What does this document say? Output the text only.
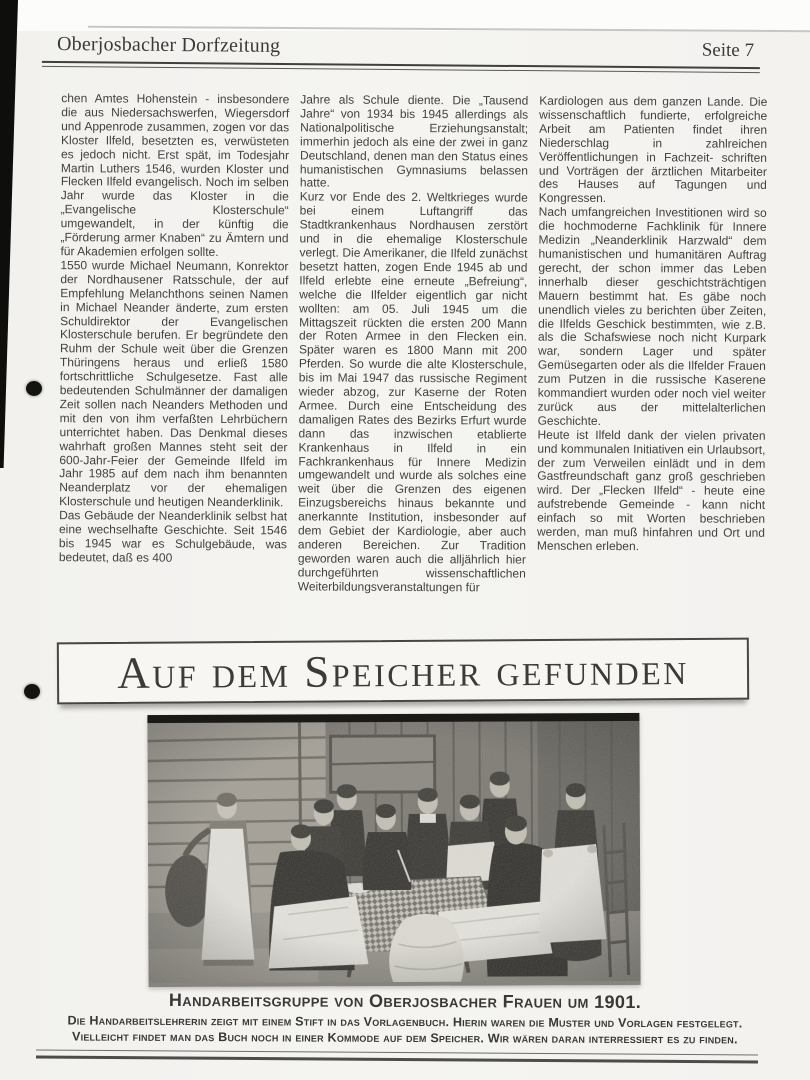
Oberjosbacher Dorfzeitung	Seite 7

chen Amtes Hohenstein - insbesondere die aus Niedersachswerfen, Wiegersdorf und Appenrode zusammen, zogen vor das Kloster Ilfeld, besetzten es, verwüsteten es jedoch nicht. Erst spät, im Todesjahr Martin Luthers 1546, wurden Kloster und Flecken Ilfeld evangelisch. Noch im selben Jahr wurde das Kloster in die „Evangelische Klosterschule“ umgewandelt, in der künftig die „Förderung armer Knaben“ zu Ämtern und für Akademien erfolgen sollte.

1550 wurde Michael Neumann, Konrektor der Nordhausener Ratsschule, der auf Empfehlung Melanchthons seinen Namen in Michael Neander änderte, zum ersten Schuldirektor der Evangelischen Klosterschule berufen. Er begründete den Ruhm der Schule weit über die Grenzen Thüringens heraus und erließ 1580 fortschrittliche Schulgesetze. Fast alle bedeutenden Schulmänner der damaligen Zeit sollen nach Neanders Methoden und mit den von ihm verfaßten Lehrbüchern unterrichtet haben. Das Denkmal dieses wahrhaft großen Mannes steht seit der 600-Jahr-Feier der Gemeinde Ilfeld im Jahr 1985 auf dem nach ihm benannten Neanderplatz vor der ehemaligen Klosterschule und heutigen Neanderklinik.

Das Gebäude der Neanderklinik selbst hat eine wechselhafte Geschichte. Seit 1546 bis 1945 war es Schulgebäude, was bedeutet, daß es 400

Jahre als Schule diente. Die „Tausend Jahre“ von 1934 bis 1945 allerdings als Nationalpolitische Erziehungsanstalt; immerhin jedoch als eine der zwei in ganz Deutschland, denen man den Status eines humanistischen Gymnasiums belassen hatte.

Kurz vor Ende des 2. Weltkrieges wurde bei einem Luftangriff das Stadtkrankenhaus Nordhausen zerstört und in die ehemalige Klosterschule verlegt. Die Amerikaner, die Ilfeld zunächst besetzt hatten, zogen Ende 1945 ab und Ilfeld erlebte eine erneute „Befreiung“, welche die Ilfelder eigentlich gar nicht wollten: am 05. Juli 1945 um die Mittagszeit rückten die ersten 200 Mann der Roten Armee in den Flecken ein. Später waren es 1800 Mann mit 200 Pferden. So wurde die alte Klosterschule, bis im Mai 1947 das russische Regiment wieder abzog, zur Kaserne der Roten Armee. Durch eine Entscheidung des damaligen Rates des Bezirks Erfurt wurde dann das inzwischen etablierte Krankenhaus in Ilfeld in ein Fachkrankenhaus für Innere Medizin umgewandelt und wurde als solches eine weit über die Grenzen des eigenen Einzugsbereichs hinaus bekannte und anerkannte Institution, insbesonder auf dem Gebiet der Kardiologie, aber auch anderen Bereichen. Zur Tradition geworden waren auch die alljährlich hier durchgeführten wissenschaftlichen Weiterbildungsveranstaltungen für

Kardiologen aus dem ganzen Lande. Die wissenschaftlich fundierte, erfolgreiche Arbeit am Patienten findet ihren Niederschlag in zahlreichen Veröffentlichungen in Fachzeit- schriften und Vorträgen der ärztlichen Mitarbeiter des Hauses auf Tagungen und Kongressen.

Nach umfangreichen Investitionen wird so die hochmoderne Fachklinik für Innere Medizin „Neanderklinik Harzwald“ dem humanistischen und humanitären Auftrag gerecht, der schon immer das Leben innerhalb dieser geschichtsträchtigen Mauern bestimmt hat. Es gäbe noch unendlich vieles zu berichten über Zeiten, die Ilfelds Geschick bestimmten, wie z.B. als die Schafswiese noch nicht Kurpark war, sondern Lager und später Gemüsegarten oder als die Ilfelder Frauen zum Putzen in die russische Kaserene kommandiert wurden oder noch viel weiter zurück aus der mittelalterlichen Geschichte.

Heute ist Ilfeld dank der vielen privaten und kommunalen Initiativen ein Urlaubsort, der zum Verweilen einlädt und in dem Gastfreundschaft ganz groß geschrieben wird. Der „Flecken Ilfeld“ - heute eine aufstrebende Gemeinde - kann nicht einfach so mit Worten beschrieben werden, man muß hinfahren und Ort und Menschen erleben.

Auf dem Speicher gefunden
Handarbeitsgruppe von Oberjosbacher Frauen um 1901.
Die Handarbeitslehrerin zeigt mit einem Stift in das Vorlagenbuch. Hierin waren die Muster und Vorlagen festgelegt.
Vielleicht findet man das Buch noch in einer Kommode auf dem Speicher. Wir wären daran interressiert es zu finden.
